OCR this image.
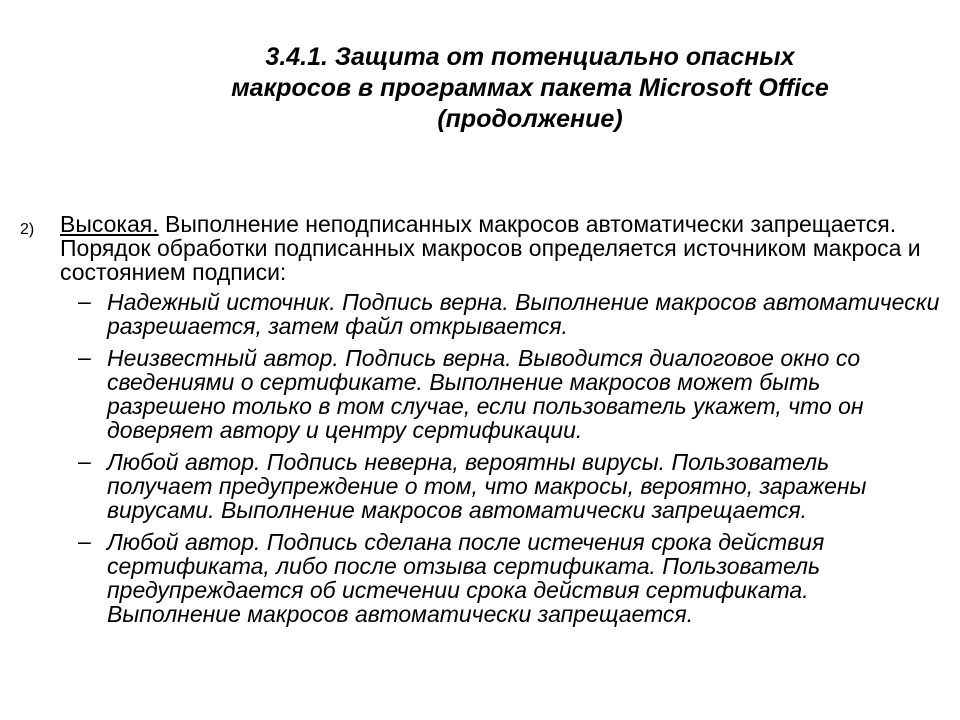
3.4.1. Защита от потенциально опасных
макросов в программах пакета Microsoft Office
(продолжение)
2) Высокая. Выполнение неподписанных макросов автоматически запрещается. Порядок обработки подписанных макросов определяется источником макроса и состоянием подписи:

– Надежный источник. Подпись верна. Выполнение макросов автоматически разрешается, затем файл открывается.
– Неизвестный автор. Подпись верна. Выводится диалоговое окно со сведениями о сертификате. Выполнение макросов может быть разрешено только в том случае, если пользователь укажет, что он доверяет автору и центру сертификации.
– Любой автор. Подпись неверна, вероятны вирусы. Пользователь получает предупреждение о том, что макросы, вероятно, заражены вирусами. Выполнение макросов автоматически запрещается.
– Любой автор. Подпись сделана после истечения срока действия сертификата, либо после отзыва сертификата. Пользователь предупреждается об истечении срока действия сертификата. Выполнение макросов автоматически запрещается.
